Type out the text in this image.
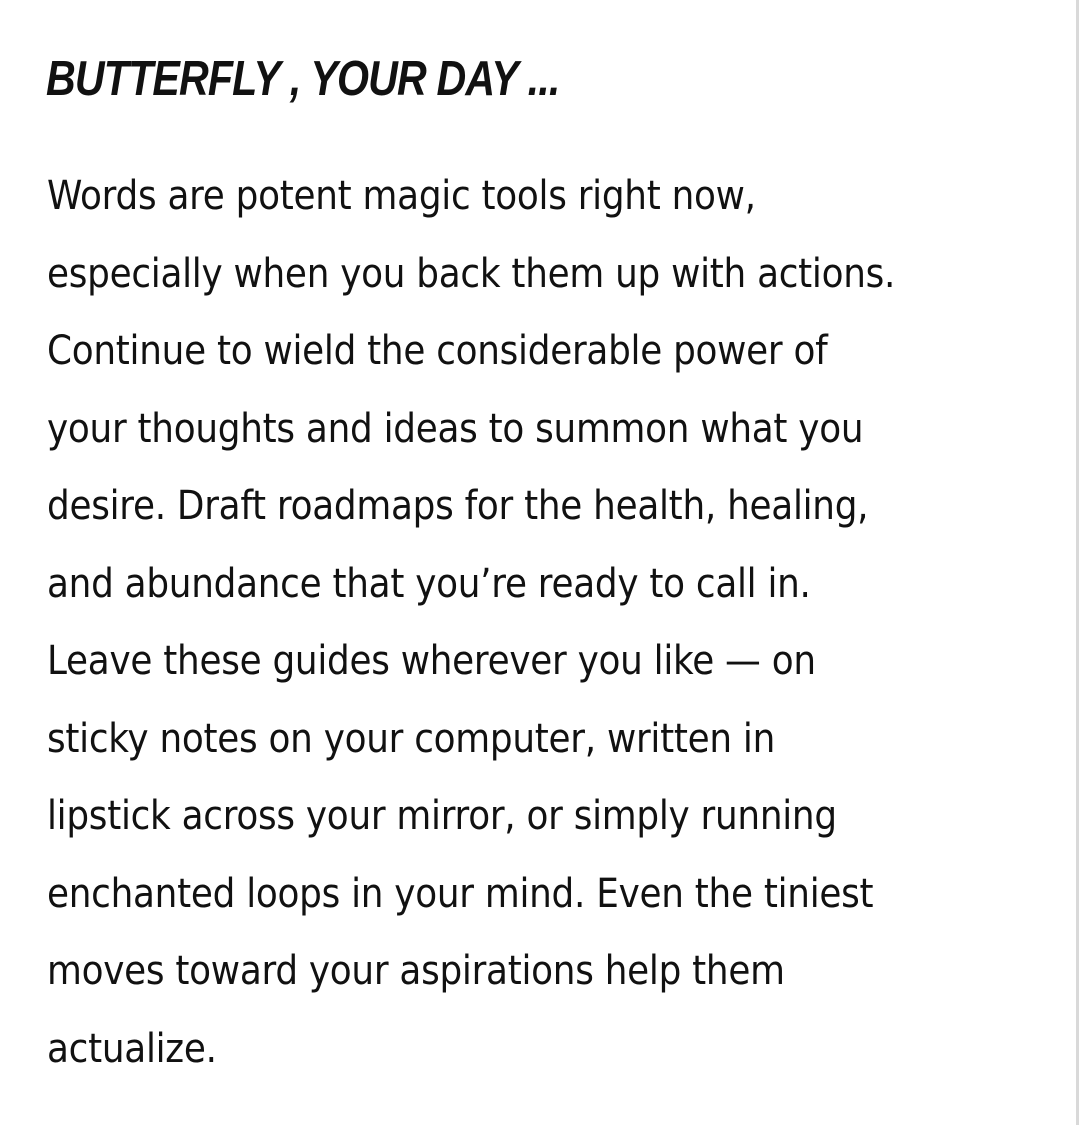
BUTTERFLY , YOUR DAY ...
Words are potent magic tools right now,
especially when you back them up with actions.
Continue to wield the considerable power of
your thoughts and ideas to summon what you
desire. Draft roadmaps for the health, healing,
and abundance that you’re ready to call in.
Leave these guides wherever you like — on
sticky notes on your computer, written in
lipstick across your mirror, or simply running
enchanted loops in your mind. Even the tiniest
moves toward your aspirations help them
actualize.
